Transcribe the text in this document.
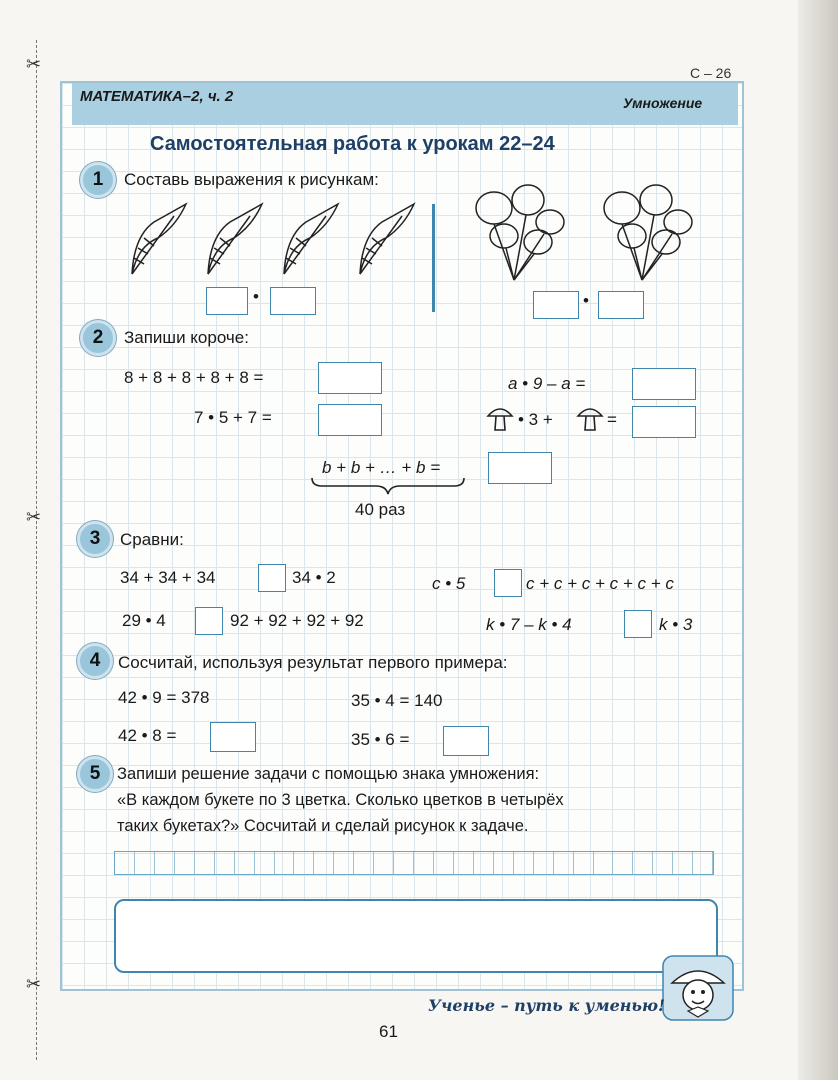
✂
✂
✂
С – 26
МАТЕМАТИКА–2, ч. 2	Умножение
Самостоятельная работа к урокам 22–24
1	Составь выражения к рисункам:
•	•
2	Запиши короче:
8 + 8 + 8 + 8 + 8 =
7 • 5 + 7 =
a • 9 – a =
• 3 +	=
b + b + … + b =
40 раз
3	Сравни:
34 + 34 + 34	34 • 2	c • 5	c + c + c + c + c + c
29 • 4	92 + 92 + 92 + 92	k • 7 – k • 4	k • 3
4	Сосчитай, используя результат первого примера:
42 • 9 = 378
42 • 8 =
35 • 4 = 140
35 • 6 =
5	Запиши решение задачи с помощью знака умножения:
«В каждом букете по 3 цветка. Сколько цветков в четырёх
таких букетах?» Сосчитай и сделай рисунок к задаче.
Ученье – путь к уменью!
61
